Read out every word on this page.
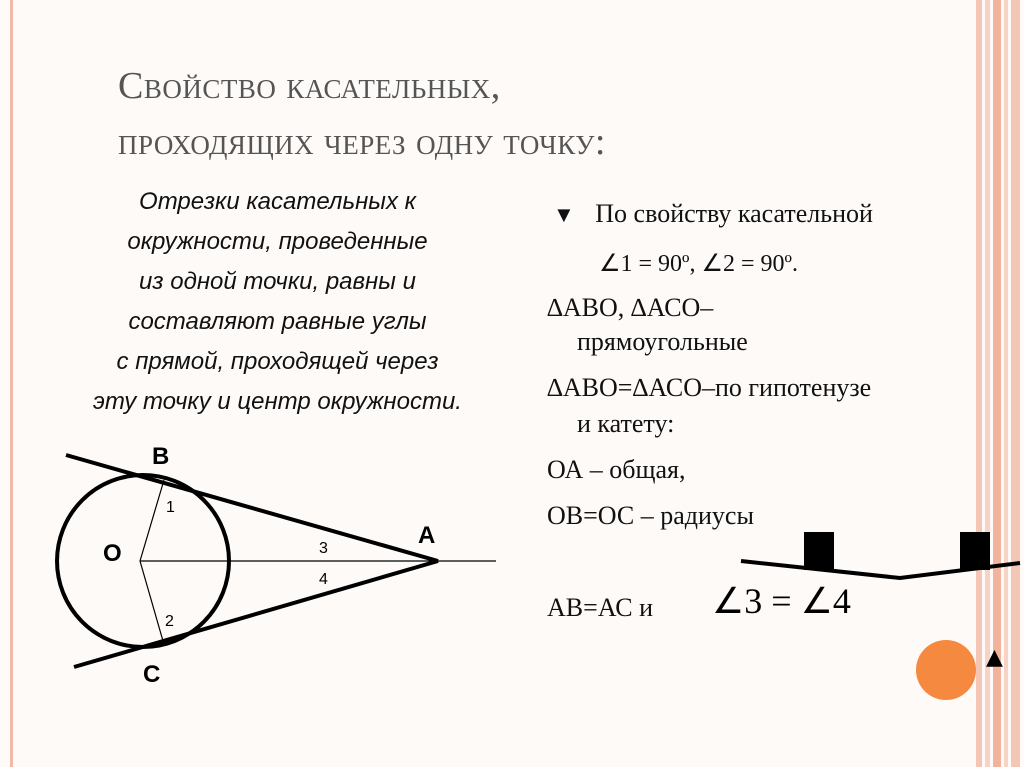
Свойство касательных,
проходящих через одну точку:

Отрезки касательных к
окружности, проведенные
из одной точки, равны и
составляют равные углы
с прямой, проходящей через
эту точку и центр окружности.

▼ По свойству касательной
∠1 = 90º, ∠2 = 90º.
∆АВО, ∆АСО–
прямоугольные
∆АВО=∆АСО–по гипотенузе
и катету:
ОА – общая,
ОВ=ОС – радиусы
АВ=АС и
B
O
A
C
1
2
3
4
∠3 = ∠4
▲
